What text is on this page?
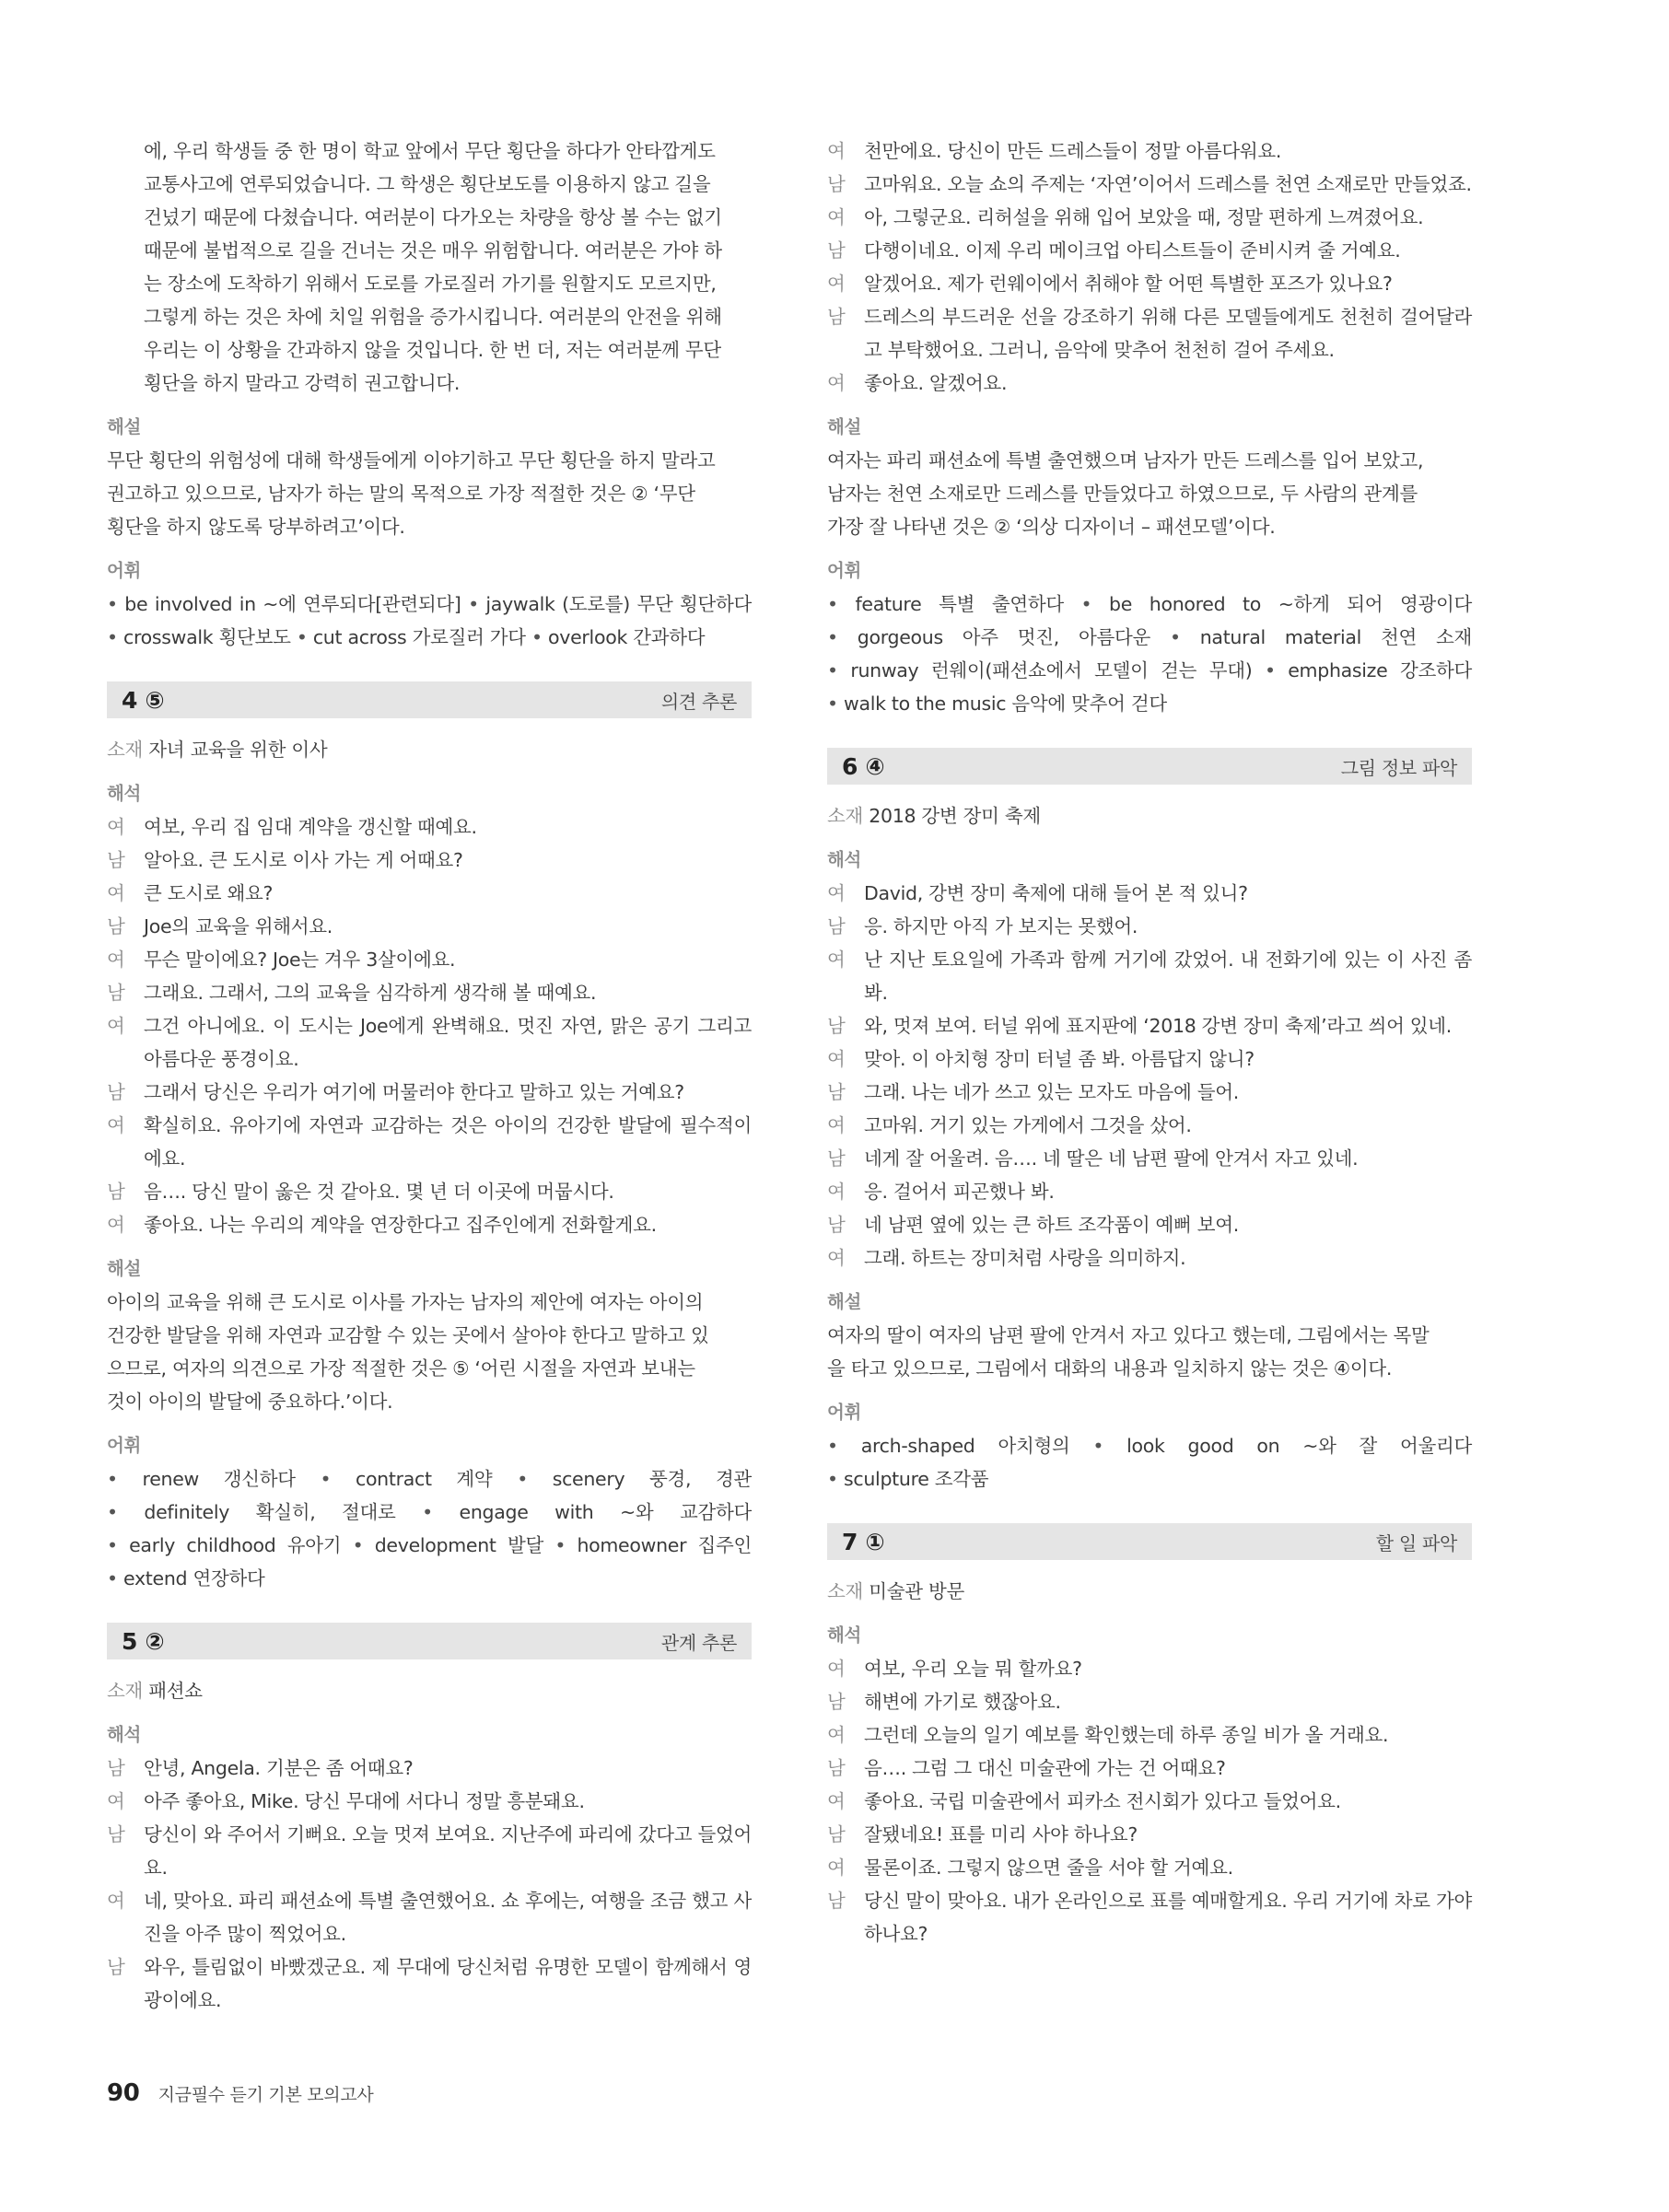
에, 우리 학생들 중 한 명이 학교 앞에서 무단 횡단을 하다가 안타깝게도
교통사고에 연루되었습니다. 그 학생은 횡단보도를 이용하지 않고 길을
건넜기 때문에 다쳤습니다. 여러분이 다가오는 차량을 항상 볼 수는 없기
때문에 불법적으로 길을 건너는 것은 매우 위험합니다. 여러분은 가야 하
는 장소에 도착하기 위해서 도로를 가로질러 가기를 원할지도 모르지만,
그렇게 하는 것은 차에 치일 위험을 증가시킵니다. 여러분의 안전을 위해
우리는 이 상황을 간과하지 않을 것입니다. 한 번 더, 저는 여러분께 무단
횡단을 하지 말라고 강력히 권고합니다.
해설
무단 횡단의 위험성에 대해 학생들에게 이야기하고 무단 횡단을 하지 말라고
권고하고 있으므로, 남자가 하는 말의 목적으로 가장 적절한 것은 ② ‘무단
횡단을 하지 않도록 당부하려고’이다.
어휘
• be involved in ~에 연루되다[관련되다] • jaywalk (도로를) 무단 횡단하다 • crosswalk 횡단보도 • cut across 가로질러 가다 • overlook 간과하다
4 ⑤	의견 추론
소재 자녀 교육을 위한 이사
해석
여 여보, 우리 집 임대 계약을 갱신할 때예요.
남 알아요. 큰 도시로 이사 가는 게 어때요?
여 큰 도시로 왜요?
남 Joe의 교육을 위해서요.
여 무슨 말이에요? Joe는 겨우 3살이에요.
남 그래요. 그래서, 그의 교육을 심각하게 생각해 볼 때예요.
여 그건 아니에요. 이 도시는 Joe에게 완벽해요. 멋진 자연, 맑은 공기 그리고 아름다운 풍경이요.
남 그래서 당신은 우리가 여기에 머물러야 한다고 말하고 있는 거예요?
여 확실히요. 유아기에 자연과 교감하는 것은 아이의 건강한 발달에 필수적이에요.
남 음…. 당신 말이 옳은 것 같아요. 몇 년 더 이곳에 머뭅시다.
여 좋아요. 나는 우리의 계약을 연장한다고 집주인에게 전화할게요.
해설
아이의 교육을 위해 큰 도시로 이사를 가자는 남자의 제안에 여자는 아이의
건강한 발달을 위해 자연과 교감할 수 있는 곳에서 살아야 한다고 말하고 있
으므로, 여자의 의견으로 가장 적절한 것은 ⑤ ‘어린 시절을 자연과 보내는
것이 아이의 발달에 중요하다.’이다.
어휘
• renew 갱신하다	• contract 계약	• scenery 풍경, 경관 • definitely 확실히, 절대로	• engage with ~와 교감하다 • early childhood 유아기 • development 발달 • homeowner 집주인 • extend 연장하다
5 ②	관계 추론
소재 패션쇼
해석
남 안녕, Angela. 기분은 좀 어때요?
여 아주 좋아요, Mike. 당신 무대에 서다니 정말 흥분돼요.
남 당신이 와 주어서 기뻐요. 오늘 멋져 보여요. 지난주에 파리에 갔다고 들었어요.
여 네, 맞아요. 파리 패션쇼에 특별 출연했어요. 쇼 후에는, 여행을 조금 했고 사진을 아주 많이 찍었어요.
남 와우, 틀림없이 바빴겠군요. 제 무대에 당신처럼 유명한 모델이 함께해서 영광이에요.
여 천만에요. 당신이 만든 드레스들이 정말 아름다워요.
남 고마워요. 오늘 쇼의 주제는 ‘자연’이어서 드레스를 천연 소재로만 만들었죠.
여 아, 그렇군요. 리허설을 위해 입어 보았을 때, 정말 편하게 느껴졌어요.
남 다행이네요. 이제 우리 메이크업 아티스트들이 준비시켜 줄 거예요.
여 알겠어요. 제가 런웨이에서 취해야 할 어떤 특별한 포즈가 있나요?
남 드레스의 부드러운 선을 강조하기 위해 다른 모델들에게도 천천히 걸어달라고 부탁했어요. 그러니, 음악에 맞추어 천천히 걸어 주세요.
여 좋아요. 알겠어요.
해설
여자는 파리 패션쇼에 특별 출연했으며 남자가 만든 드레스를 입어 보았고,
남자는 천연 소재로만 드레스를 만들었다고 하였으므로, 두 사람의 관계를
가장 잘 나타낸 것은 ② ‘의상 디자이너 – 패션모델’이다.
어휘
• feature 특별 출연하다 • be honored to ~하게 되어 영광이다 • gorgeous 아주 멋진, 아름다운	• natural material 천연 소재 • runway 런웨이(패션쇼에서 모델이 걷는 무대) • emphasize 강조하다 • walk to the music 음악에 맞추어 걷다
6 ④	그림 정보 파악
소재 2018 강변 장미 축제
해석
여 David, 강변 장미 축제에 대해 들어 본 적 있니?
남 응. 하지만 아직 가 보지는 못했어.
여 난 지난 토요일에 가족과 함께 거기에 갔었어. 내 전화기에 있는 이 사진 좀 봐.
남 와, 멋져 보여. 터널 위에 표지판에 ‘2018 강변 장미 축제’라고 씌어 있네.
여 맞아. 이 아치형 장미 터널 좀 봐. 아름답지 않니?
남 그래. 나는 네가 쓰고 있는 모자도 마음에 들어.
여 고마워. 거기 있는 가게에서 그것을 샀어.
남 네게 잘 어울려. 음…. 네 딸은 네 남편 팔에 안겨서 자고 있네.
여 응. 걸어서 피곤했나 봐.
남 네 남편 옆에 있는 큰 하트 조각품이 예뻐 보여.
여 그래. 하트는 장미처럼 사랑을 의미하지.
해설
여자의 딸이 여자의 남편 팔에 안겨서 자고 있다고 했는데, 그림에서는 목말
을 타고 있으므로, 그림에서 대화의 내용과 일치하지 않는 것은 ④이다.
어휘
• arch-shaped 아치형의	• look good on ~와 잘 어울리다 • sculpture 조각품
7 ①	할 일 파악
소재 미술관 방문
해석
여 여보, 우리 오늘 뭐 할까요?
남 해변에 가기로 했잖아요.
여 그런데 오늘의 일기 예보를 확인했는데 하루 종일 비가 올 거래요.
남 음…. 그럼 그 대신 미술관에 가는 건 어때요?
여 좋아요. 국립 미술관에서 피카소 전시회가 있다고 들었어요.
남 잘됐네요! 표를 미리 사야 하나요?
여 물론이죠. 그렇지 않으면 줄을 서야 할 거예요.
남 당신 말이 맞아요. 내가 온라인으로 표를 예매할게요. 우리 거기에 차로 가야 하나요?
90 지금필수 듣기 기본 모의고사
